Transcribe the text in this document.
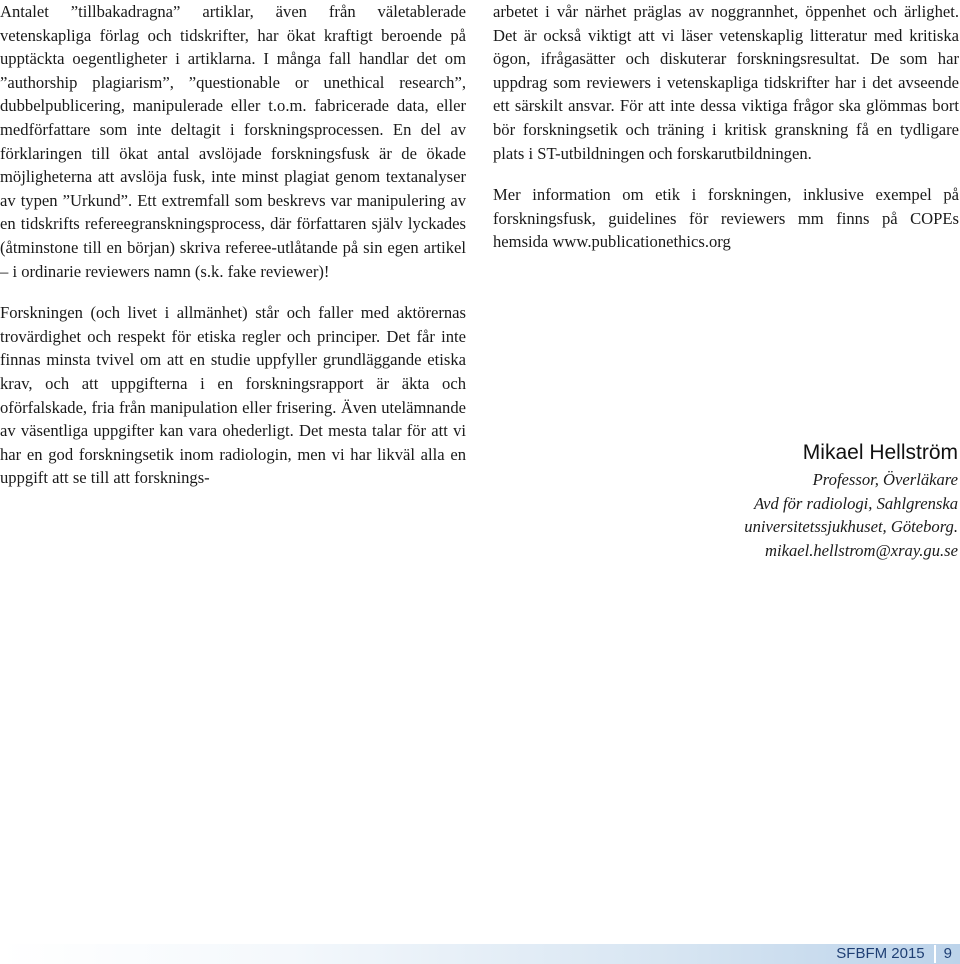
Antalet ”tillbakadragna” artiklar, även från väletablerade vetenskapliga förlag och tidskrifter, har ökat kraftigt beroende på upptäckta oegentligheter i artiklarna. I många fall handlar det om ”authorship plagiarism”, ”questionable or unethical research”, dubbelpublicering, manipulerade eller t.o.m. fabricerade data, eller medförfattare som inte deltagit i forskningsprocessen. En del av förklaringen till ökat antal avslöjade forskningsfusk är de ökade möjligheterna att avslöja fusk, inte minst plagiat genom textanalyser av typen ”Urkund”. Ett extremfall som beskrevs var manipulering av en tidskrifts refereegranskningsprocess, där författaren själv lyckades (åtminstone till en början) skriva referee-utlåtande på sin egen artikel – i ordinarie reviewers namn (s.k. fake reviewer)!

Forskningen (och livet i allmänhet) står och faller med aktörernas trovärdighet och respekt för etiska regler och principer. Det får inte finnas minsta tvivel om att en studie uppfyller grundläggande etiska krav, och att uppgifterna i en forskningsrapport är äkta och oförfalskade, fria från manipulation eller frisering. Även utelämnande av väsentliga uppgifter kan vara ohederligt. Det mesta talar för att vi har en god forskningsetik inom radiologin, men vi har likväl alla en uppgift att se till att forsknings-

arbetet i vår närhet präglas av noggrannhet, öppenhet och ärlighet. Det är också viktigt att vi läser vetenskaplig litteratur med kritiska ögon, ifrågasätter och diskuterar forskningsresultat. De som har uppdrag som reviewers i vetenskapliga tidskrifter har i det avseende ett särskilt ansvar. För att inte dessa viktiga frågor ska glömmas bort bör forskningsetik och träning i kritisk granskning få en tydligare plats i ST-utbildningen och forskarutbildningen.

Mer information om etik i forskningen, inklusive exempel på forskningsfusk, guidelines för reviewers mm finns på COPEs hemsida www.publicationethics.org

Mikael Hellström
Professor, Överläkare
Avd för radiologi, Sahlgrenska
universitetssjukhuset, Göteborg.
mikael.hellstrom@xray.gu.se
SFBFM 2015 9
